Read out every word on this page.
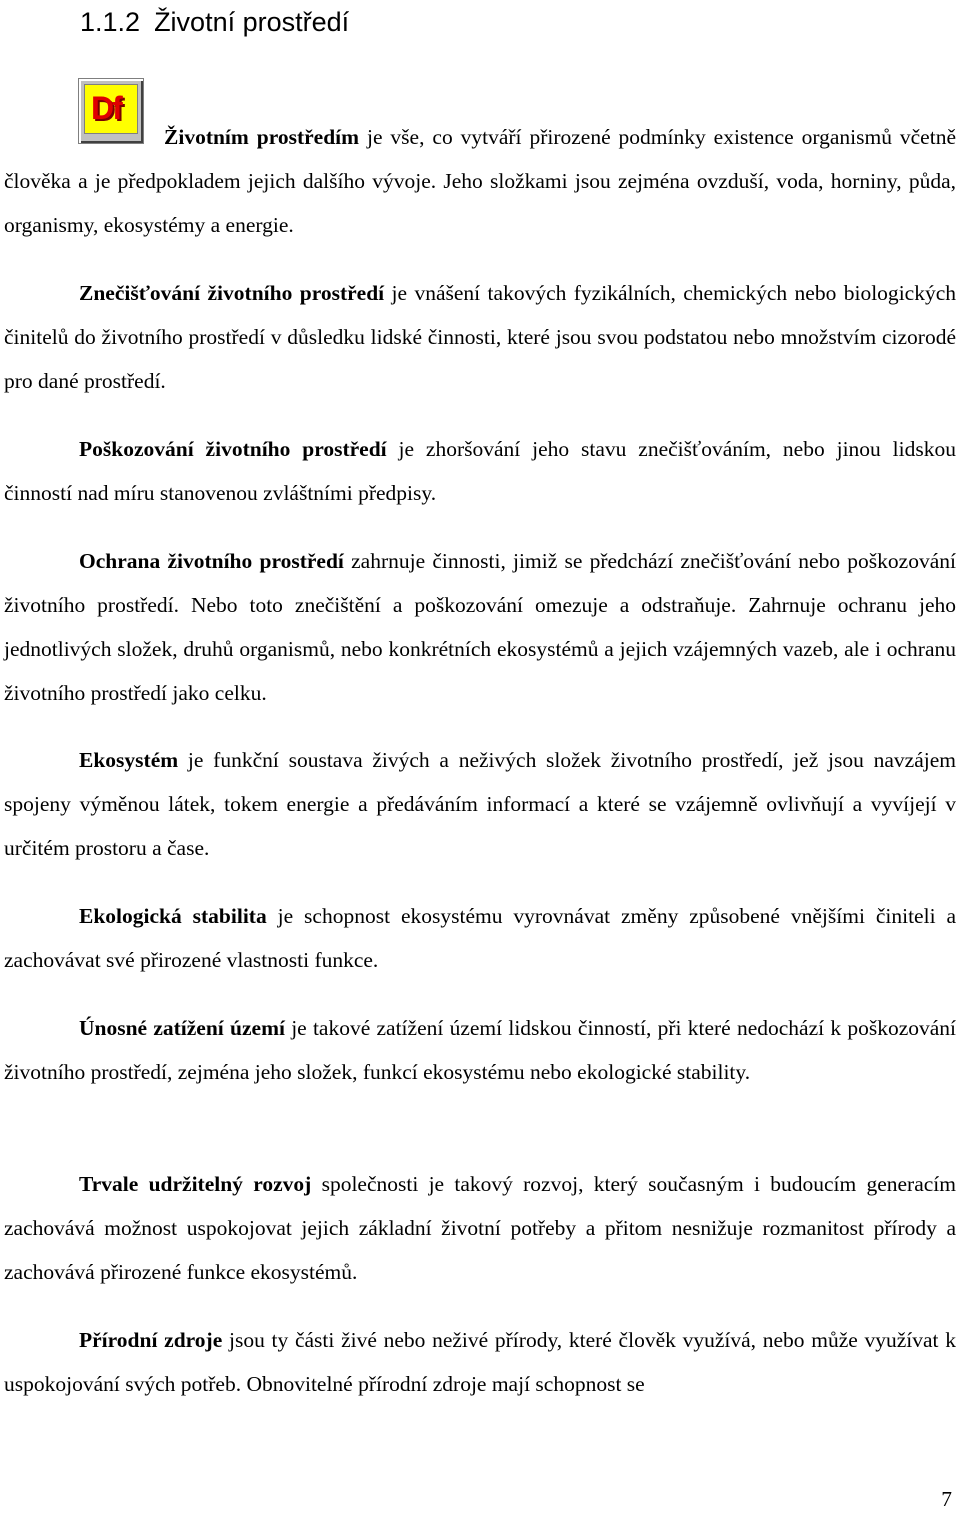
1.1.2 Životní prostředí
Df

Životním prostředím je vše, co vytváří přirozené podmínky existence organismů včetně člověka a je předpokladem jejich dalšího vývoje. Jeho složkami jsou zejména ovzduší, voda, horniny, půda, organismy, ekosystémy a energie.

Znečišťování životního prostředí je vnášení takových fyzikálních, chemických nebo biologických činitelů do životního prostředí v důsledku lidské činnosti, které jsou svou podstatou nebo množstvím cizorodé pro dané prostředí.

Poškozování životního prostředí je zhoršování jeho stavu znečišťováním, nebo jinou lidskou činností nad míru stanovenou zvláštními předpisy.

Ochrana životního prostředí zahrnuje činnosti, jimiž se předchází znečišťování nebo poškozování životního prostředí. Nebo toto znečištění a poškozování omezuje a odstraňuje. Zahrnuje ochranu jeho jednotlivých složek, druhů organismů, nebo konkrétních ekosystémů a jejich vzájemných vazeb, ale i ochranu životního prostředí jako celku.

Ekosystém je funkční soustava živých a neživých složek životního prostředí, jež jsou navzájem spojeny výměnou látek, tokem energie a předáváním informací a které se vzájemně ovlivňují a vyvíjejí v určitém prostoru a čase.

Ekologická stabilita je schopnost ekosystému vyrovnávat změny způsobené vnějšími činiteli a zachovávat své přirozené vlastnosti funkce.

Únosné zatížení území je takové zatížení území lidskou činností, při které nedochází k poškozování životního prostředí, zejména jeho složek, funkcí ekosystému nebo ekologické stability.

Trvale udržitelný rozvoj společnosti je takový rozvoj, který současným i budoucím generacím zachovává možnost uspokojovat jejich základní životní potřeby a přitom nesnižuje rozmanitost přírody a zachovává přirozené funkce ekosystémů.

Přírodní zdroje jsou ty části živé nebo neživé přírody, které člověk využívá, nebo může využívat k uspokojování svých potřeb. Obnovitelné přírodní zdroje mají schopnost se

7
